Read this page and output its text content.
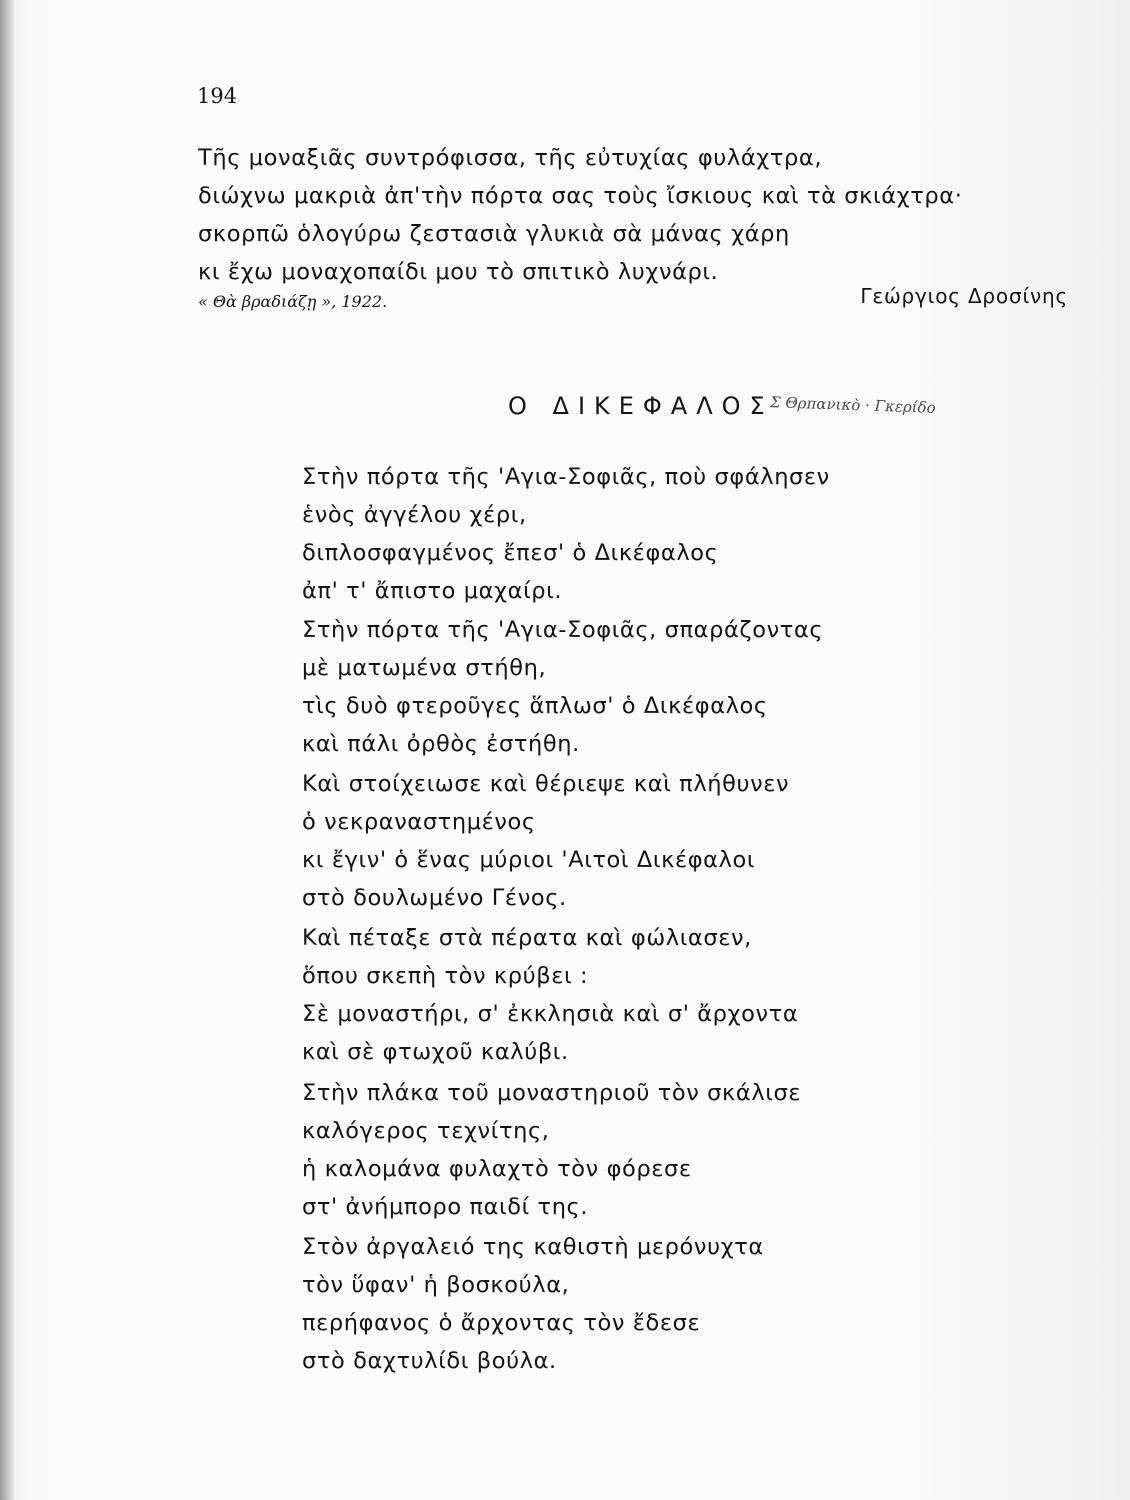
194
Τῆς μοναξιᾶς συντρόφισσα, τῆς εὐτυχίας φυλάχτρα,
διώχνω μακριὰ ἀπ'τὴν πόρτα σας τοὺς ἴσκιους καὶ τὰ σκιάχτρα·
σκορπῶ ὁλογύρω ζεστασιὰ γλυκιὰ σὰ μάνας χάρη
κι ἔχω μοναχοπαίδι μου τὸ σπιτικὸ λυχνάρι.
« Θὰ βραδιάζῃ », 1922.	Γεώργιος Δροσίνης
Ο ΔΙΚΕΦΑΛΟΣ
Σ Θρπανικὸ · Γκερίδο
Στὴν πόρτα τῆς 'Αγια-Σοφιᾶς, ποὺ σφάλησεν
ἑνὸς ἀγγέλου χέρι,
διπλοσφαγμένος ἔπεσ' ὁ Δικέφαλος
ἀπ' τ' ἄπιστο μαχαίρι.
Στὴν πόρτα τῆς 'Αγια-Σοφιᾶς, σπαράζοντας
μὲ ματωμένα στήθη,
τὶς δυὸ φτεροῦγες ἅπλωσ' ὁ Δικέφαλος
καὶ πάλι ὀρθὸς ἐστήθη.
Καὶ στοίχειωσε καὶ θέριεψε καὶ πλήθυνεν
ὁ νεκραναστημένος
κι ἔγιν' ὁ ἕνας μύριοι 'Αιτοὶ Δικέφαλοι
στὸ δουλωμένο Γένος.
Καὶ πέταξε στὰ πέρατα καὶ φώλιασεν,
ὅπου σκεπὴ τὸν κρύβει :
Σὲ μοναστήρι, σ' ἐκκλησιὰ καὶ σ' ἄρχοντα
καὶ σὲ φτωχοῦ καλύβι.
Στὴν πλάκα τοῦ μοναστηριοῦ τὸν σκάλισε
καλόγερος τεχνίτης,
ἡ καλομάνα φυλαχτὸ τὸν φόρεσε
στ' ἀνήμπορο παιδί της.
Στὸν ἀργαλειό της καθιστὴ μερόνυχτα
τὸν ὕφαν' ἡ βοσκούλα,
περήφανος ὁ ἄρχοντας τὸν ἔδεσε
στὸ δαχτυλίδι βούλα.
